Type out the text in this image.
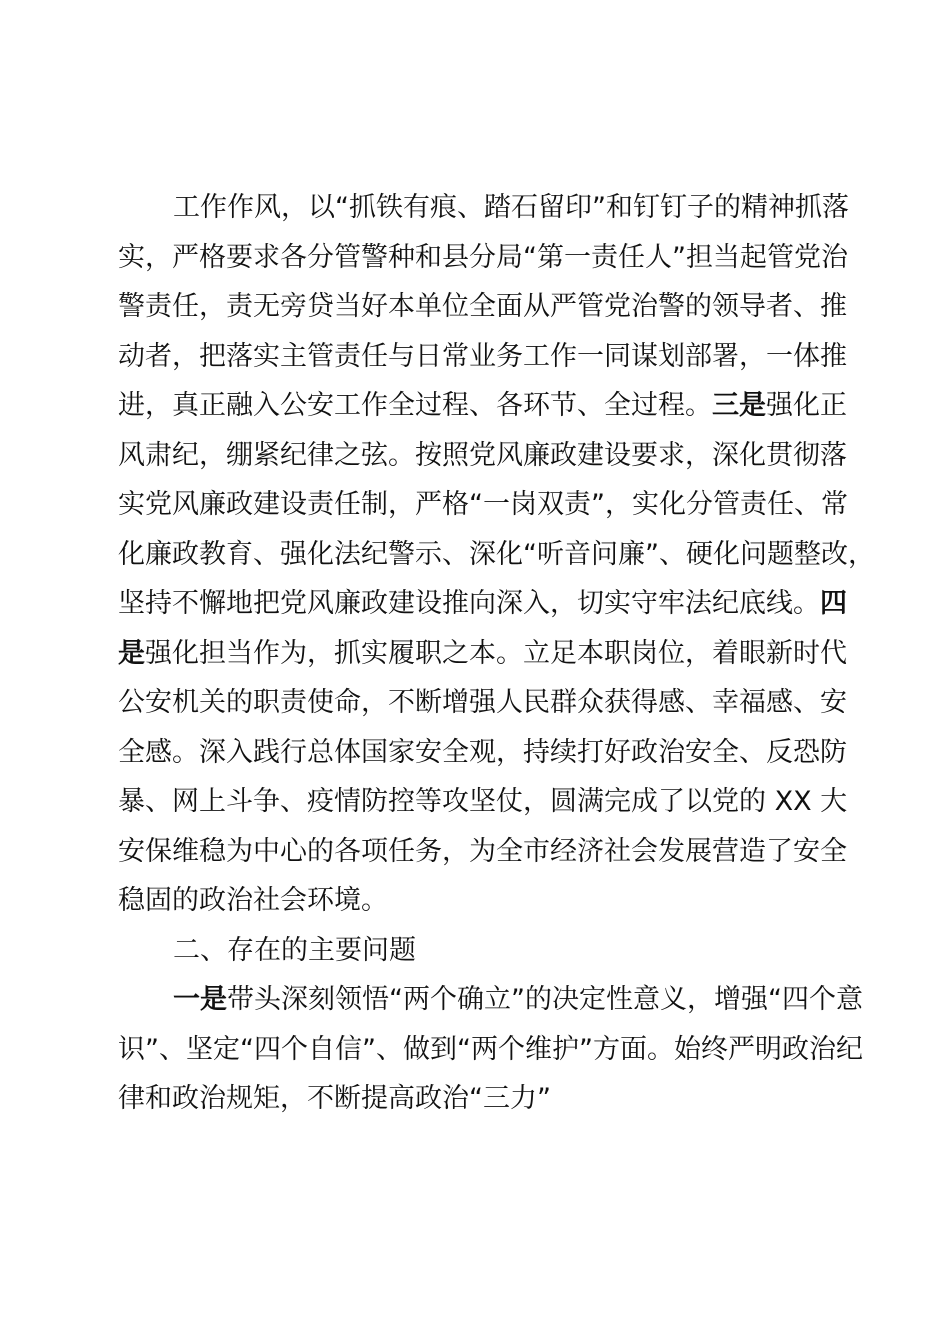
工作作风，以“抓铁有痕、踏石留印”和钉钉子的精神抓落
实，严格要求各分管警种和县分局“第一责任人”担当起管党治
警责任，责无旁贷当好本单位全面从严管党治警的领导者、推
动者，把落实主管责任与日常业务工作一同谋划部署，一体推
进，真正融入公安工作全过程、各环节、全过程。三是强化正
风肃纪，绷紧纪律之弦。按照党风廉政建设要求，深化贯彻落
实党风廉政建设责任制，严格“一岗双责”，实化分管责任、常
化廉政教育、强化法纪警示、深化“听音问廉”、硬化问题整改，
坚持不懈地把党风廉政建设推向深入，切实守牢法纪底线。四
是强化担当作为，抓实履职之本。立足本职岗位，着眼新时代
公安机关的职责使命，不断增强人民群众获得感、幸福感、安
全感。深入践行总体国家安全观，持续打好政治安全、反恐防
暴、网上斗争、疫情防控等攻坚仗，圆满完成了以党的 XX 大
安保维稳为中心的各项任务，为全市经济社会发展营造了安全
稳固的政治社会环境。
二、存在的主要问题
一是带头深刻领悟“两个确立”的决定性意义，增强“四个意
识”、坚定“四个自信”、做到“两个维护”方面。始终严明政治纪
律和政治规矩，不断提高政治“三力”
